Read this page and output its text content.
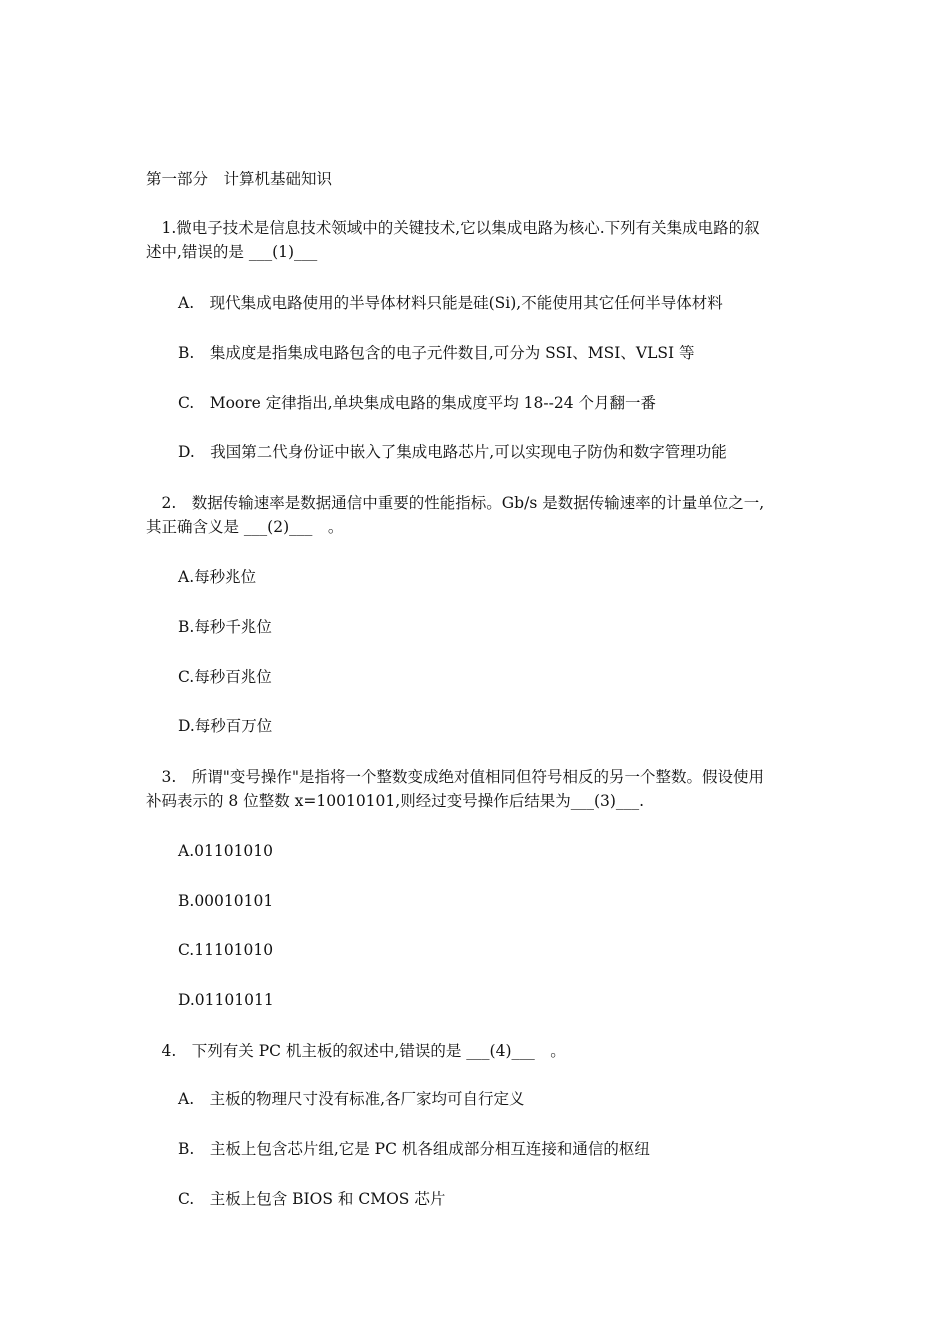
第一部分　计算机基础知识
　1.微电子技术是信息技术领域中的关键技术,它以集成电路为核心.下列有关集成电路的叙
述中,错误的是 ___(1)___
A.　现代集成电路使用的半导体材料只能是硅(Si),不能使用其它任何半导体材料
B.　集成度是指集成电路包含的电子元件数目,可分为 SSI、MSI、VLSI 等
C.　Moore 定律指出,单块集成电路的集成度平均 18--24 个月翻一番
D.　我国第二代身份证中嵌入了集成电路芯片,可以实现电子防伪和数字管理功能
　2.　数据传输速率是数据通信中重要的性能指标。Gb/s 是数据传输速率的计量单位之一,
其正确含义是 ___(2)___　。
A.每秒兆位
B.每秒千兆位
C.每秒百兆位
D.每秒百万位
　3.　所谓"变号操作"是指将一个整数变成绝对值相同但符号相反的另一个整数。假设使用
补码表示的 8 位整数 x=10010101,则经过变号操作后结果为___(3)___.
A.01101010
B.00010101
C.11101010
D.01101011
　4.　下列有关 PC 机主板的叙述中,错误的是 ___(4)___　。
A.　主板的物理尺寸没有标准,各厂家均可自行定义
B.　主板上包含芯片组,它是 PC 机各组成部分相互连接和通信的枢纽
C.　主板上包含 BIOS 和 CMOS 芯片
